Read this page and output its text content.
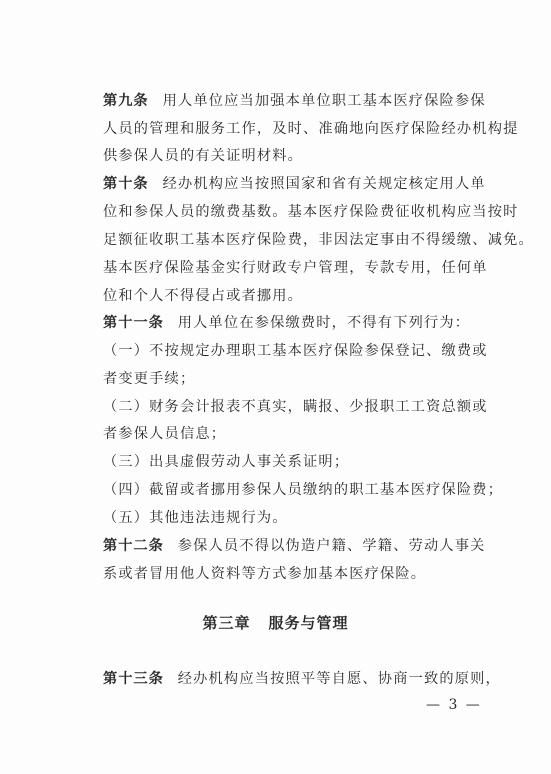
第九条 用人单位应当加强本单位职工基本医疗保险参保
人员的管理和服务工作，及时、准确地向医疗保险经办机构提
供参保人员的有关证明材料。
第十条 经办机构应当按照国家和省有关规定核定用人单
位和参保人员的缴费基数。基本医疗保险费征收机构应当按时
足额征收职工基本医疗保险费，非因法定事由不得缓缴、减免。
基本医疗保险基金实行财政专户管理，专款专用，任何单
位和个人不得侵占或者挪用。
第十一条 用人单位在参保缴费时，不得有下列行为：
（一）不按规定办理职工基本医疗保险参保登记、缴费或
者变更手续；
（二）财务会计报表不真实，瞒报、少报职工工资总额或
者参保人员信息；
（三）出具虚假劳动人事关系证明；
（四）截留或者挪用参保人员缴纳的职工基本医疗保险费；
（五）其他违法违规行为。
第十二条 参保人员不得以伪造户籍、学籍、劳动人事关
系或者冒用他人资料等方式参加基本医疗保险。
第三章 服务与管理
第十三条 经办机构应当按照平等自愿、协商一致的原则，
— 3 —
